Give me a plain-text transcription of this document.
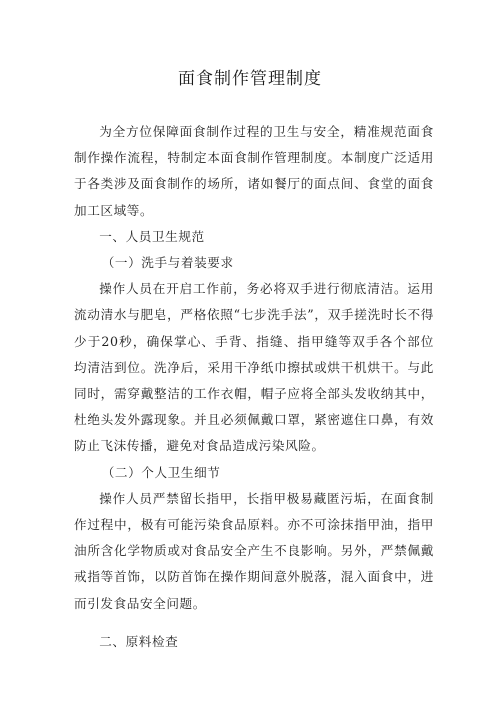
面食制作管理制度

为全方位保障面食制作过程的卫生与安全，精准规范面食制作操作流程，特制定本面食制作管理制度。本制度广泛适用于各类涉及面食制作的场所，诸如餐厅的面点间、食堂的面食加工区域等。

一、人员卫生规范

（一）洗手与着装要求

操作人员在开启工作前，务必将双手进行彻底清洁。运用流动清水与肥皂，严格依照“七步洗手法”，双手搓洗时长不得少于20秒，确保掌心、手背、指缝、指甲缝等双手各个部位均清洁到位。洗净后，采用干净纸巾擦拭或烘干机烘干。与此同时，需穿戴整洁的工作衣帽，帽子应将全部头发收纳其中，杜绝头发外露现象。并且必须佩戴口罩，紧密遮住口鼻，有效防止飞沫传播，避免对食品造成污染风险。

（二）个人卫生细节

操作人员严禁留长指甲，长指甲极易藏匿污垢，在面食制作过程中，极有可能污染食品原料。亦不可涂抹指甲油，指甲油所含化学物质或对食品安全产生不良影响。另外，严禁佩戴戒指等首饰，以防首饰在操作期间意外脱落，混入面食中，进而引发食品安全问题。

二、原料检查
